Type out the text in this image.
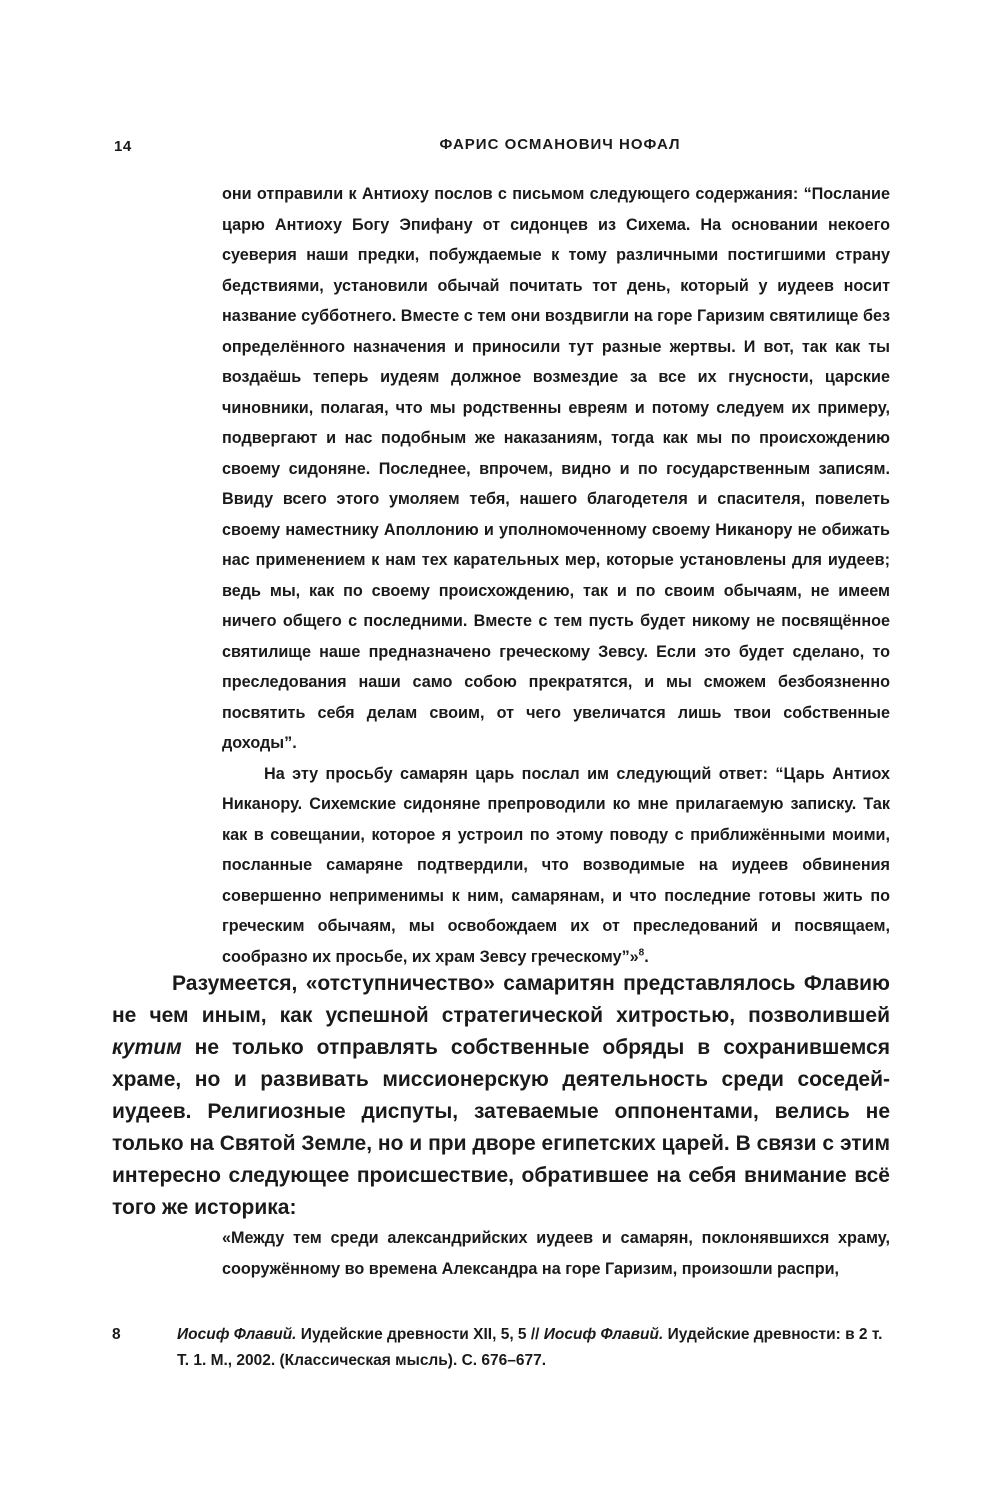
14	ФАРИС ОСМАНОВИЧ НОФАЛ

они отправили к Антиоху послов с письмом следующего содержания: “Послание царю Антиоху Богу Эпифану от сидонцев из Сихема. На основании некоего суеверия наши предки, побуждаемые к тому различными постигшими страну бедствиями, установили обычай почитать тот день, который у иудеев носит название субботнего. Вместе с тем они воздвигли на горе Гаризим святилище без определённого назначения и приносили тут разные жертвы. И вот, так как ты воздаёшь теперь иудеям должное возмездие за все их гнусности, царские чиновники, полагая, что мы родственны евреям и потому следуем их примеру, подвергают и нас подобным же наказаниям, тогда как мы по происхождению своему сидоняне. Последнее, впрочем, видно и по государственным записям. Ввиду всего этого умоляем тебя, нашего благодетеля и спасителя, повелеть своему наместнику Аполлонию и уполномоченному своему Никанору не обижать нас применением к нам тех карательных мер, которые установлены для иудеев; ведь мы, как по своему происхождению, так и по своим обычаям, не имеем ничего общего с последними. Вместе с тем пусть будет никому не посвящённое святилище наше предназначено греческому Зевсу. Если это будет сделано, то преследования наши само собою прекратятся, и мы сможем безбоязненно посвятить себя делам своим, от чего увеличатся лишь твои собственные доходы”.

На эту просьбу самарян царь послал им следующий ответ: “Царь Антиох Никанору. Сихемские сидоняне препроводили ко мне прилагаемую записку. Так как в совещании, которое я устроил по этому поводу с приближёнными моими, посланные самаряне подтвердили, что возводимые на иудеев обвинения совершенно неприменимы к ним, самарянам, и что последние готовы жить по греческим обычаям, мы освобождаем их от преследований и посвящаем, сообразно их просьбе, их храм Зевсу греческому”»$^8$.

Разумеется, «отступничество» самаритян представлялось Флавию не чем иным, как успешной стратегической хитростью, позволившей кутим не только отправлять собственные обряды в сохранившемся храме, но и развивать миссионерскую деятельность среди соседей-иудеев. Религиозные диспуты, затеваемые оппонентами, велись не только на Святой Земле, но и при дворе египетских царей. В связи с этим интересно следующее происшествие, обратившее на себя внимание всё того же историка:

«Между тем среди александрийских иудеев и самарян, поклонявшихся храму, сооружённому во времена Александра на горе Гаризим, произошли распри,

8	Иосиф Флавий. Иудейские древности XII, 5, 5 // Иосиф Флавий. Иудейские древности: в 2 т. Т. 1. М., 2002. (Классическая мысль). С. 676–677.
